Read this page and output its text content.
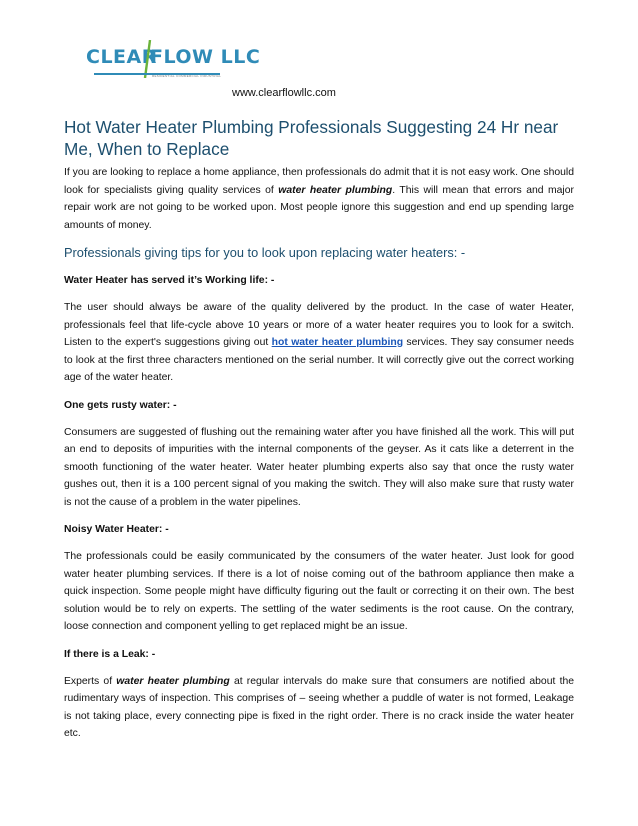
CLEAR
FLOW LLC
RESIDENTIAL COMMERCIAL INDUSTRIAL
www.clearflowllc.com
Hot Water Heater Plumbing Professionals Suggesting 24 Hr near Me, When to Replace

If you are looking to replace a home appliance, then professionals do admit that it is not easy work. One should look for specialists giving quality services of water heater plumbing. This will mean that errors and major repair work are not going to be worked upon. Most people ignore this suggestion and end up spending large amounts of money.

Professionals giving tips for you to look upon replacing water heaters: -

Water Heater has served it’s Working life: -

The user should always be aware of the quality delivered by the product. In the case of water Heater, professionals feel that life-cycle above 10 years or more of a water heater requires you to look for a switch. Listen to the expert's suggestions giving out hot water heater plumbing services. They say consumer needs to look at the first three characters mentioned on the serial number. It will correctly give out the correct working age of the water heater.

One gets rusty water: -

Consumers are suggested of flushing out the remaining water after you have finished all the work. This will put an end to deposits of impurities with the internal components of the geyser. As it cats like a deterrent in the smooth functioning of the water heater. Water heater plumbing experts also say that once the rusty water gushes out, then it is a 100 percent signal of you making the switch. They will also make sure that rusty water is not the cause of a problem in the water pipelines.

Noisy Water Heater: -

The professionals could be easily communicated by the consumers of the water heater. Just look for good water heater plumbing services. If there is a lot of noise coming out of the bathroom appliance then make a quick inspection. Some people might have difficulty figuring out the fault or correcting it on their own. The best solution would be to rely on experts. The settling of the water sediments is the root cause. On the contrary, loose connection and component yelling to get replaced might be an issue.

If there is a Leak: -

Experts of water heater plumbing at regular intervals do make sure that consumers are notified about the rudimentary ways of inspection. This comprises of – seeing whether a puddle of water is not formed, Leakage is not taking place, every connecting pipe is fixed in the right order. There is no crack inside the water heater etc.
